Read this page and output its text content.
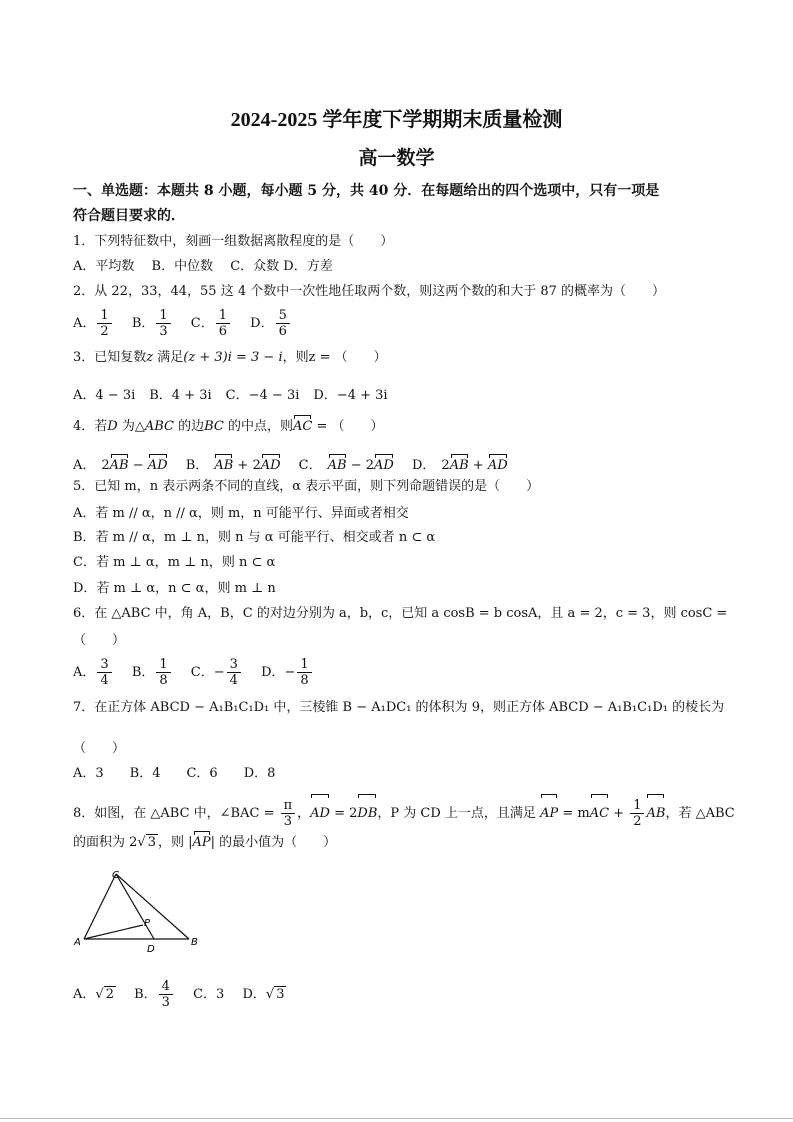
2024-2025 学年度下学期期末质量检测
高一数学
一、单选题：本题共 8 小题，每小题 5 分，共 40 分．在每题给出的四个选项中，只有一项是
符合题目要求的．
1．下列特征数中，刻画一组数据离散程度的是（　　）
A．平均数　 B．中位数　 C．众数 D．方差
2．从 22，33，44，55 这 4 个数中一次性地任取两个数，则这两个数的和大于 87 的概率为（　　）
A． $\frac{1}{2}$ B． $\frac{1}{3}$ C． $\frac{1}{6}$ D． $\frac{5}{6}$
3．已知复数z 满足(z + 3)i = 3 − i，则z = （　　）
A．4 − 3i B．4 + 3i C．−4 − 3i D．−4 + 3i
4．若D 为△ABC 的边BC 的中点，则AC = （　　）
A． 2AB − AD B． AB + 2AD C． AB − 2AD D． 2AB + AD
5．已知 m，n 表示两条不同的直线，α 表示平面，则下列命题错误的是（　　）
A．若 m // α，n // α，则 m，n 可能平行、异面或者相交
B．若 m // α，m ⊥ n，则 n 与 α 可能平行、相交或者 n ⊂ α
C．若 m ⊥ α，m ⊥ n，则 n ⊂ α
D．若 m ⊥ α，n ⊂ α，则 m ⊥ n
6．在 △ABC 中，角 A，B，C 的对边分别为 a，b，c，已知 a cosB = b cosA，且 a = 2，c = 3，则 cosC =
（　　）
A． $\frac{3}{4}$ B． $\frac{1}{8}$ C．− $\frac{3}{4}$ D．− $\frac{1}{8}$
7．在正方体 ABCD − A₁B₁C₁D₁ 中，三棱锥 B − A₁DC₁ 的体积为 9，则正方体 ABCD − A₁B₁C₁D₁ 的棱长为
（　　）
A．3　　B．4　　C．6　　D．8
8．如图，在 △ABC 中，∠BAC = $\frac{\pi}{3}$ ，AD = 2DB，P 为 CD 上一点，且满足 AP = mAC + $\frac{1}{2}$ AB，若 △ABC
的面积为 2√ 3 ，则 |AP| 的最小值为（　　）
C
P
A
D
B
A．√ 2 B． $\frac{4}{3}$ C．3 D．√ 3
